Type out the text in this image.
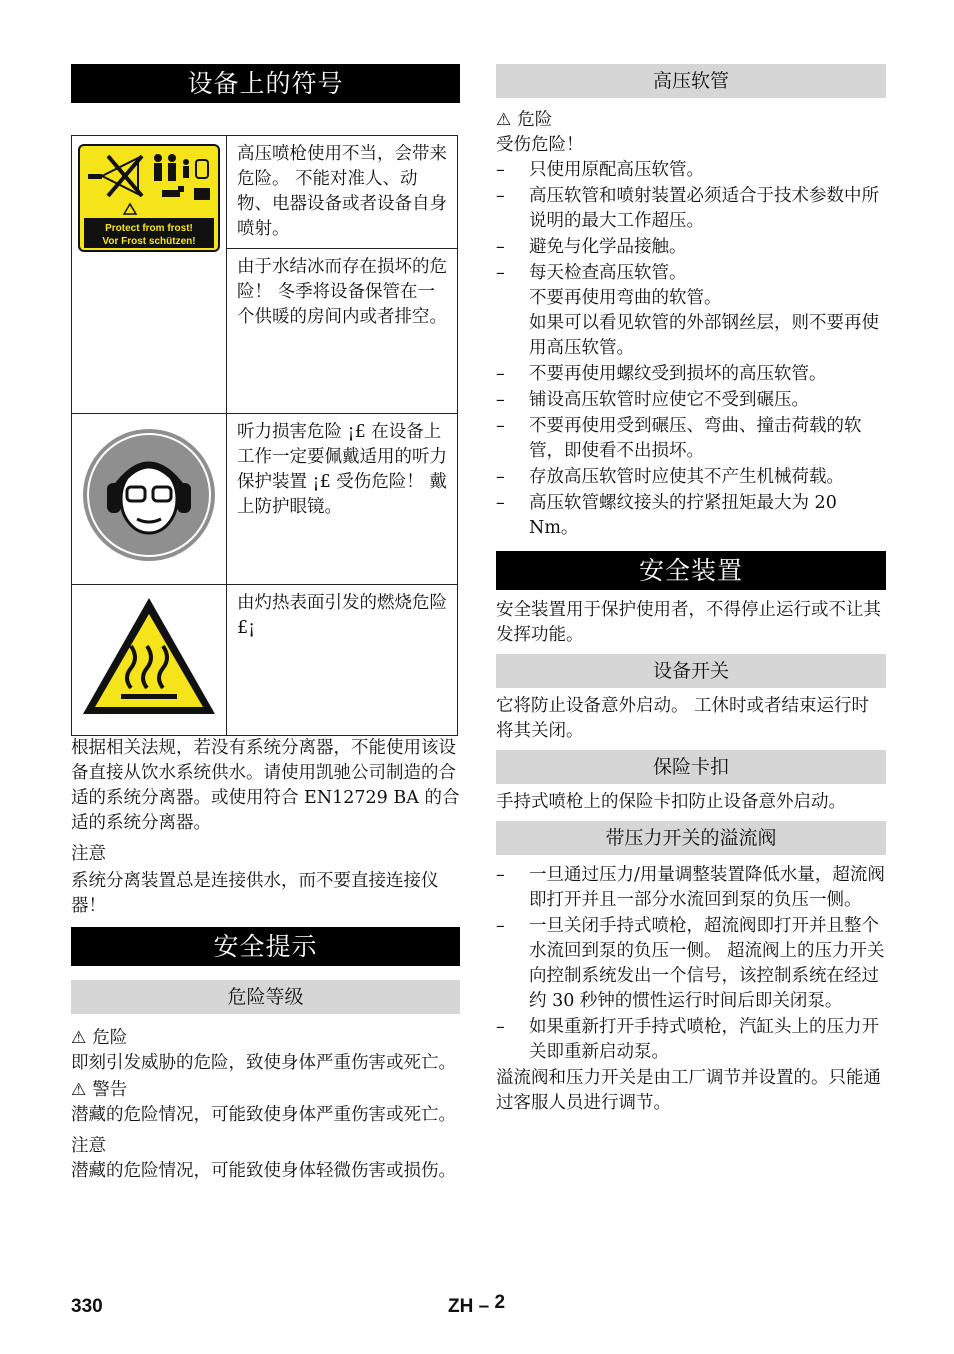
设备上的符号
Protect from frost!
Vor Frost schützen!	高压喷枪使用不当，会带来危险。 不能对准人、动物、电器设备或者设备自身喷射。
	由于水结冰而存在损坏的危险！ 冬季将设备保管在一个供暖的房间内或者排空。
	听力损害危险 ¡£ 在设备上工作一定要佩戴适用的听力保护装置 ¡£ 受伤危险！ 戴上防护眼镜。
	由灼热表面引发的燃烧危险 £¡

根据相关法规，若没有系统分离器，不能使用该设备直接从饮水系统供水。请使用凯驰公司制造的合适的系统分离器。或使用符合 EN12729 BA 的合适的系统分离器。

注意

系统分离装置总是连接供水，而不要直接连接仪器！

安全提示
危险等级
⚠ 危险

即刻引发威胁的危险，致使身体严重伤害或死亡。

⚠ 警告

潜藏的危险情况，可能致使身体严重伤害或死亡。

注意

潜藏的危险情况，可能致使身体轻微伤害或损伤。

高压软管
⚠ 危险

受伤危险！

– 只使用原配高压软管。
– 高压软管和喷射装置必须适合于技术参数中所说明的最大工作超压。
– 避免与化学品接触。
– 每天检查高压软管。
不要再使用弯曲的软管。
如果可以看见软管的外部钢丝层，则不要再使用高压软管。
– 不要再使用螺纹受到损坏的高压软管。
– 铺设高压软管时应使它不受到碾压。
– 不要再使用受到碾压、弯曲、撞击荷载的软管，即使看不出损坏。
– 存放高压软管时应使其不产生机械荷载。
– 高压软管螺纹接头的拧紧扭矩最大为 20 Nm。
安全装置

安全装置用于保护使用者，不得停止运行或不让其发挥功能。

设备开关

它将防止设备意外启动。 工休时或者结束运行时将其关闭。

保险卡扣

手持式喷枪上的保险卡扣防止设备意外启动。

带压力开关的溢流阀
– 一旦通过压力/用量调整装置降低水量，超流阀即打开并且一部分水流回到泵的负压一侧。
– 一旦关闭手持式喷枪，超流阀即打开并且整个水流回到泵的负压一侧。 超流阀上的压力开关向控制系统发出一个信号，该控制系统在经过约 30 秒钟的惯性运行时间后即关闭泵。
– 如果重新打开手持式喷枪，汽缸头上的压力开关即重新启动泵。

溢流阀和压力开关是由工厂调节并设置的。只能通过客服人员进行调节。

330	ZH – 2
